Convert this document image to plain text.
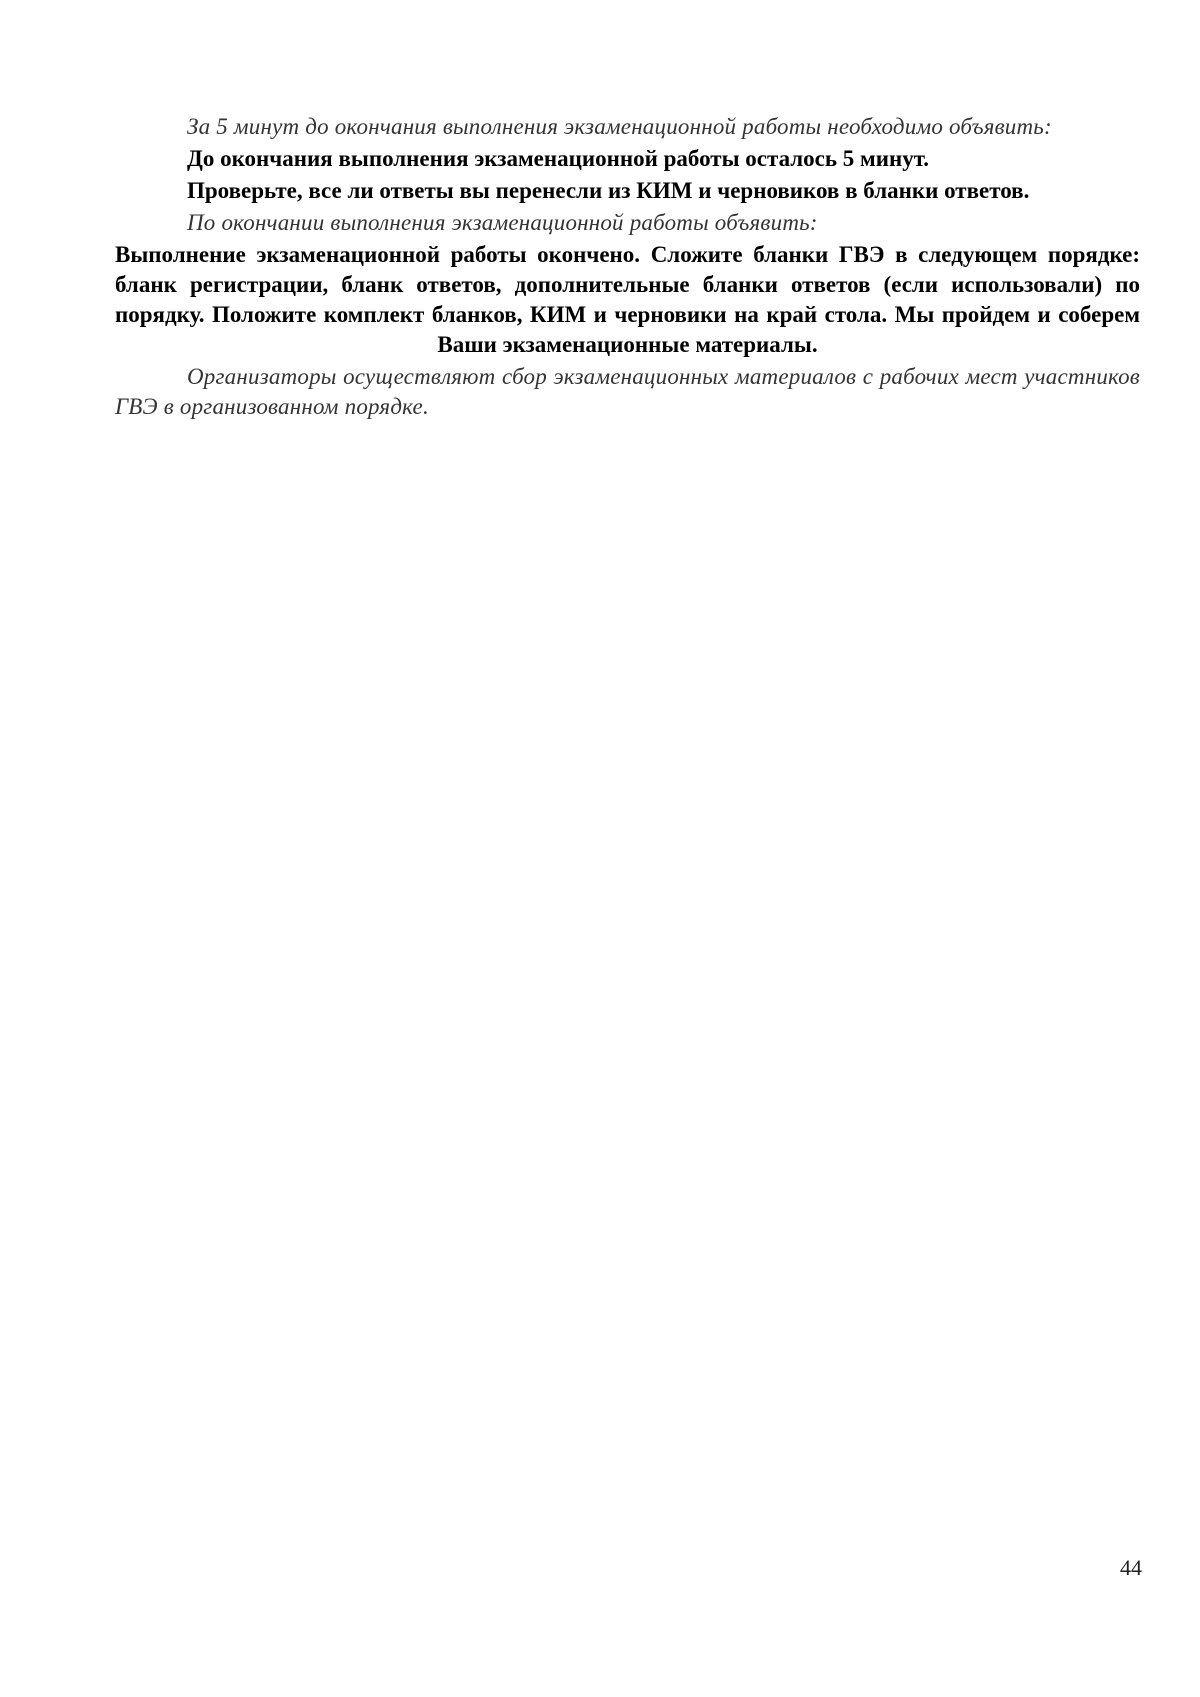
За 5 минут до окончания выполнения экзаменационной работы необходимо объявить:

До окончания выполнения экзаменационной работы осталось 5 минут.

Проверьте, все ли ответы вы перенесли из КИМ и черновиков в бланки ответов.

По окончании выполнения экзаменационной работы объявить:

Выполнение экзаменационной работы окончено. Сложите бланки ГВЭ в следующем порядке: бланк регистрации, бланк ответов, дополнительные бланки ответов (если использовали) по порядку. Положите комплект бланков, КИМ и черновики на край стола. Мы пройдем и соберем Ваши экзаменационные материалы.

Организаторы осуществляют сбор экзаменационных материалов с рабочих мест участников ГВЭ в организованном порядке.

44
